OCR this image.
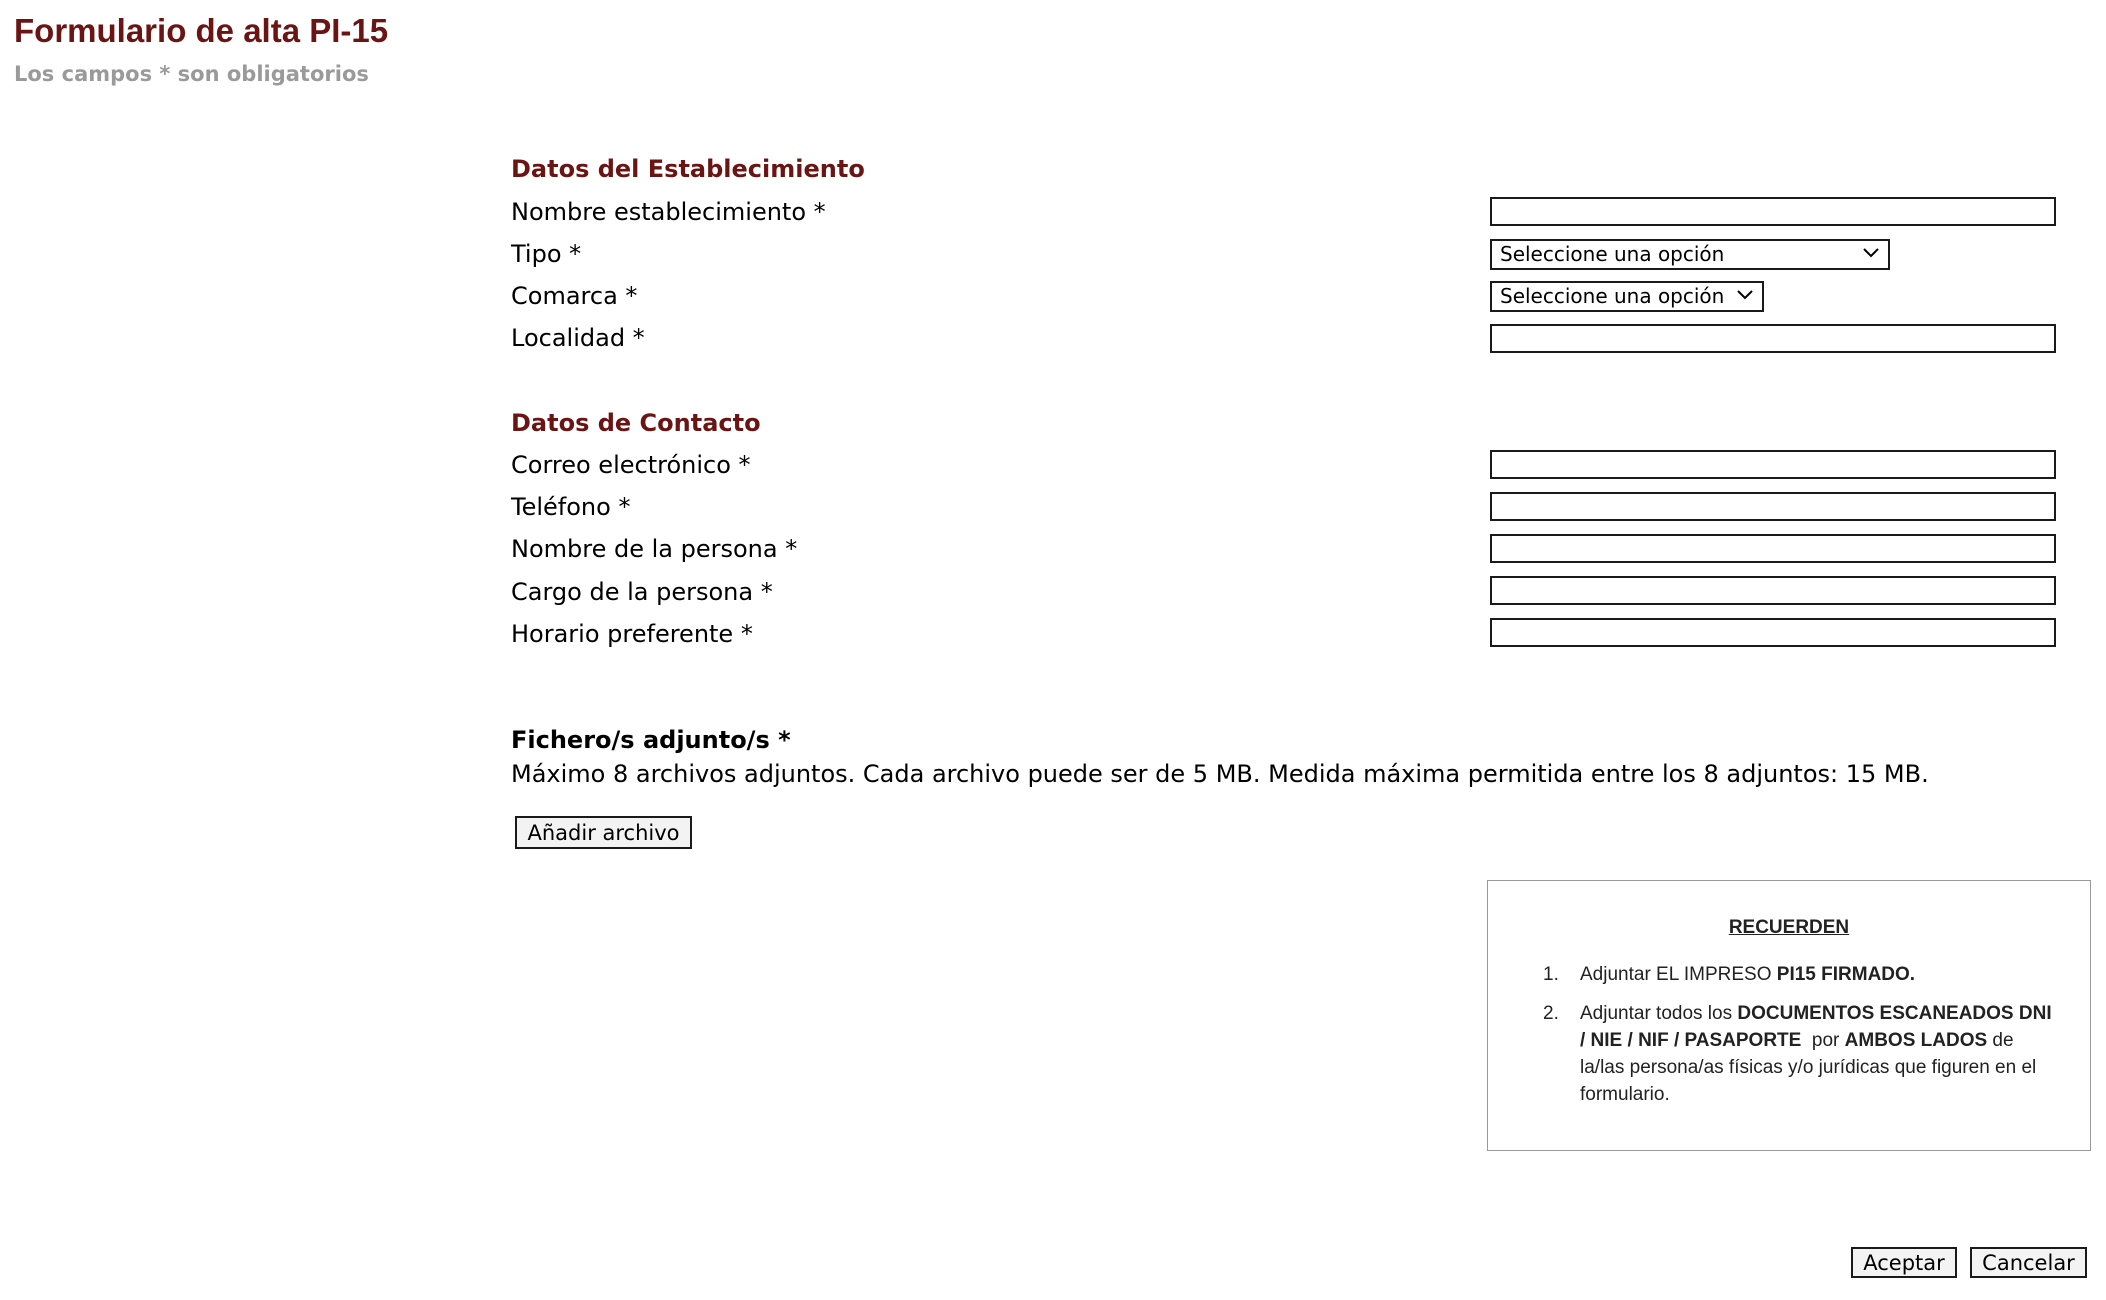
Formulario de alta PI-15
Los campos * son obligatorios
Datos del Establecimiento
Nombre establecimiento *
Tipo *	Seleccione una opción
Comarca *	Seleccione una opción
Localidad *
Datos de Contacto
Correo electrónico *
Teléfono *
Nombre de la persona *
Cargo de la persona *
Horario preferente *
Fichero/s adjunto/s *
Máximo 8 archivos adjuntos. Cada archivo puede ser de 5 MB. Medida máxima permitida entre los 8 adjuntos: 15 MB.
Añadir archivo
RECUERDEN
1. Adjuntar EL IMPRESO PI15 FIRMADO.
2. Adjuntar todos los DOCUMENTOS ESCANEADOS DNI / NIE / NIF / PASAPORTE  por AMBOS LADOS de la/las persona/as físicas y/o jurídicas que figuren en el formulario.
Aceptar	Cancelar
